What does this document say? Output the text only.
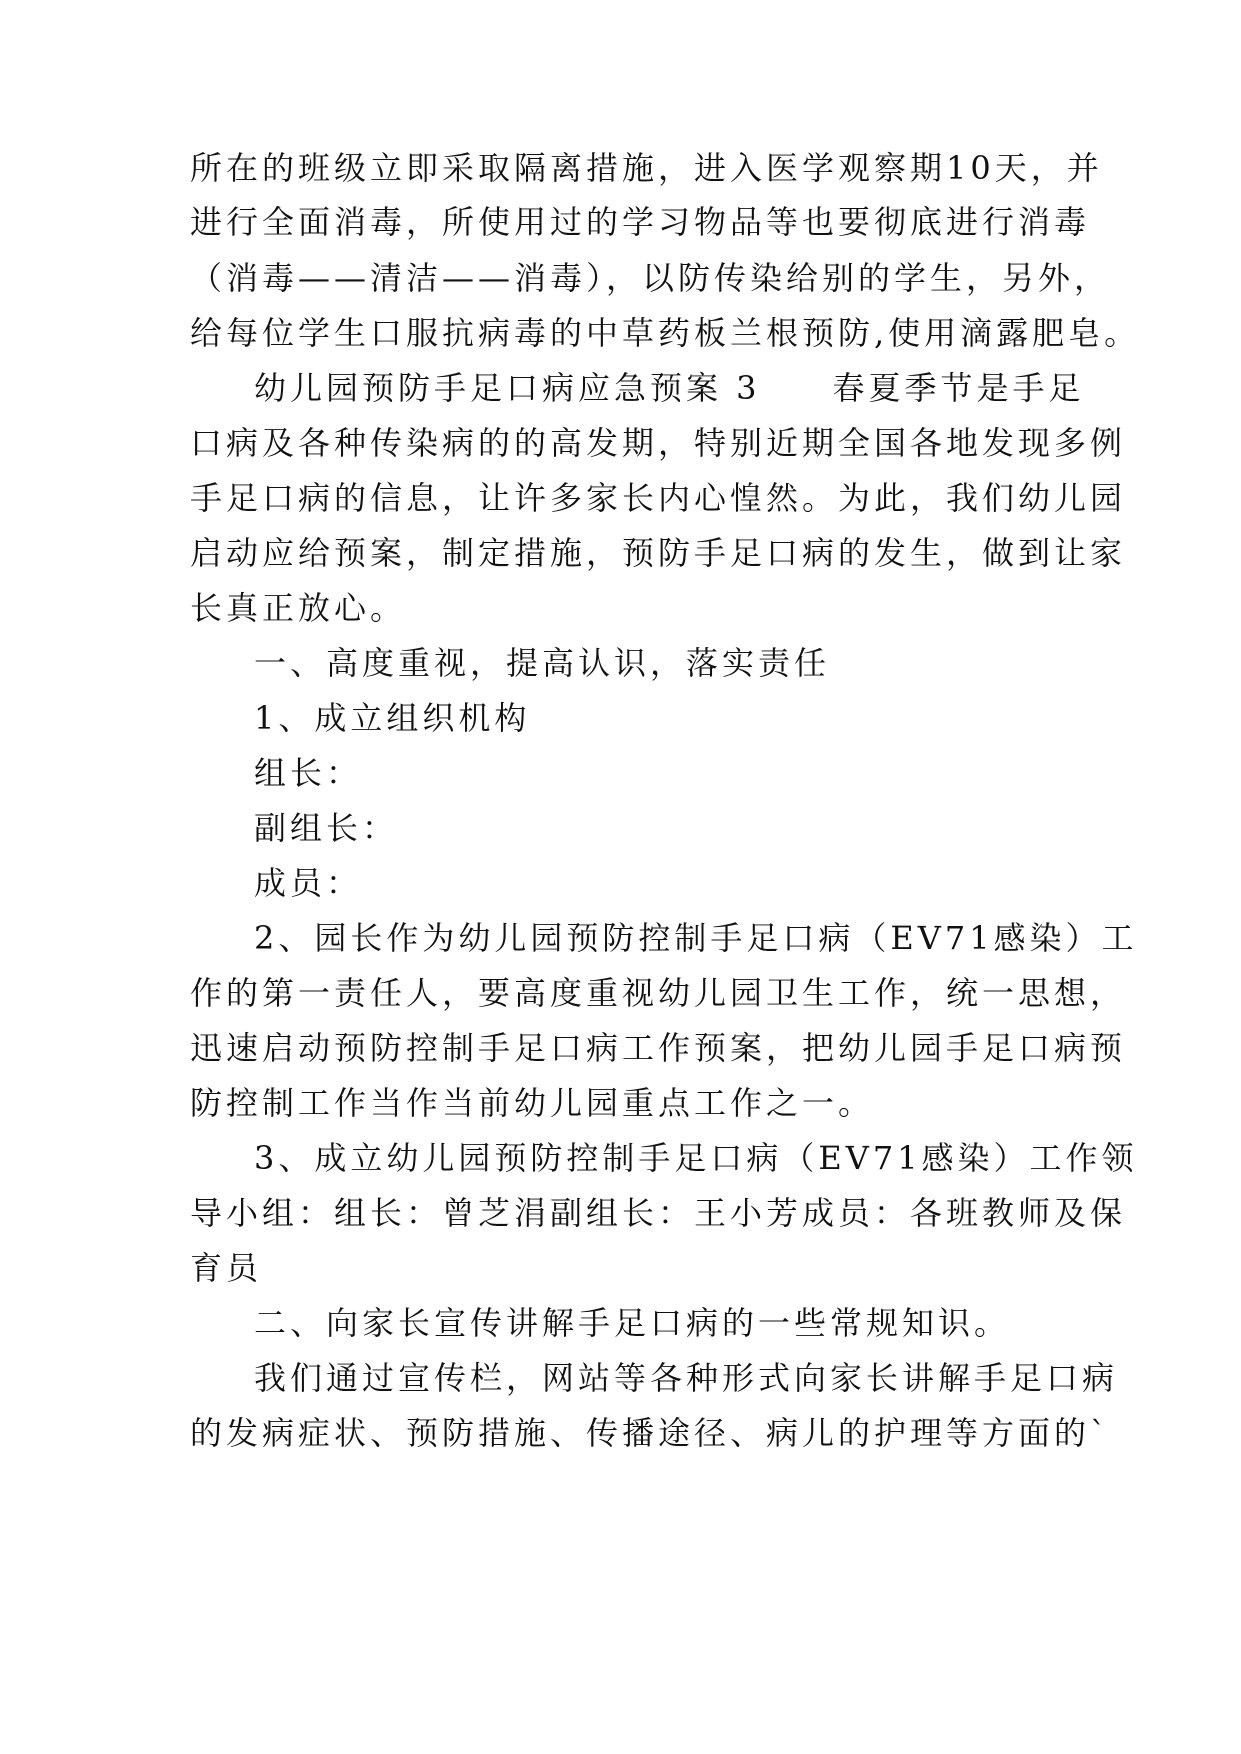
所在的班级立即采取隔离措施，进入医学观察期10天，并
进行全面消毒，所使用过的学习物品等也要彻底进行消毒
（消毒——清洁——消毒），以防传染给别的学生，另外，
给每位学生口服抗病毒的中草药板兰根预防,使用滴露肥皂。
幼儿园预防手足口病应急预案 3　　春夏季节是手足
口病及各种传染病的的高发期，特别近期全国各地发现多例
手足口病的信息，让许多家长内心惶然。为此，我们幼儿园
启动应给预案，制定措施，预防手足口病的发生，做到让家
长真正放心。
一、高度重视，提高认识，落实责任
1、成立组织机构
组长：
副组长：
成员：
2、园长作为幼儿园预防控制手足口病（EV71感染）工
作的第一责任人，要高度重视幼儿园卫生工作，统一思想，
迅速启动预防控制手足口病工作预案，把幼儿园手足口病预
防控制工作当作当前幼儿园重点工作之一。
3、成立幼儿园预防控制手足口病（EV71感染）工作领
导小组：组长：曾芝涓副组长：王小芳成员：各班教师及保
育员
二、向家长宣传讲解手足口病的一些常规知识。
我们通过宣传栏，网站等各种形式向家长讲解手足口病
的发病症状、预防措施、传播途径、病儿的护理等方面的`
